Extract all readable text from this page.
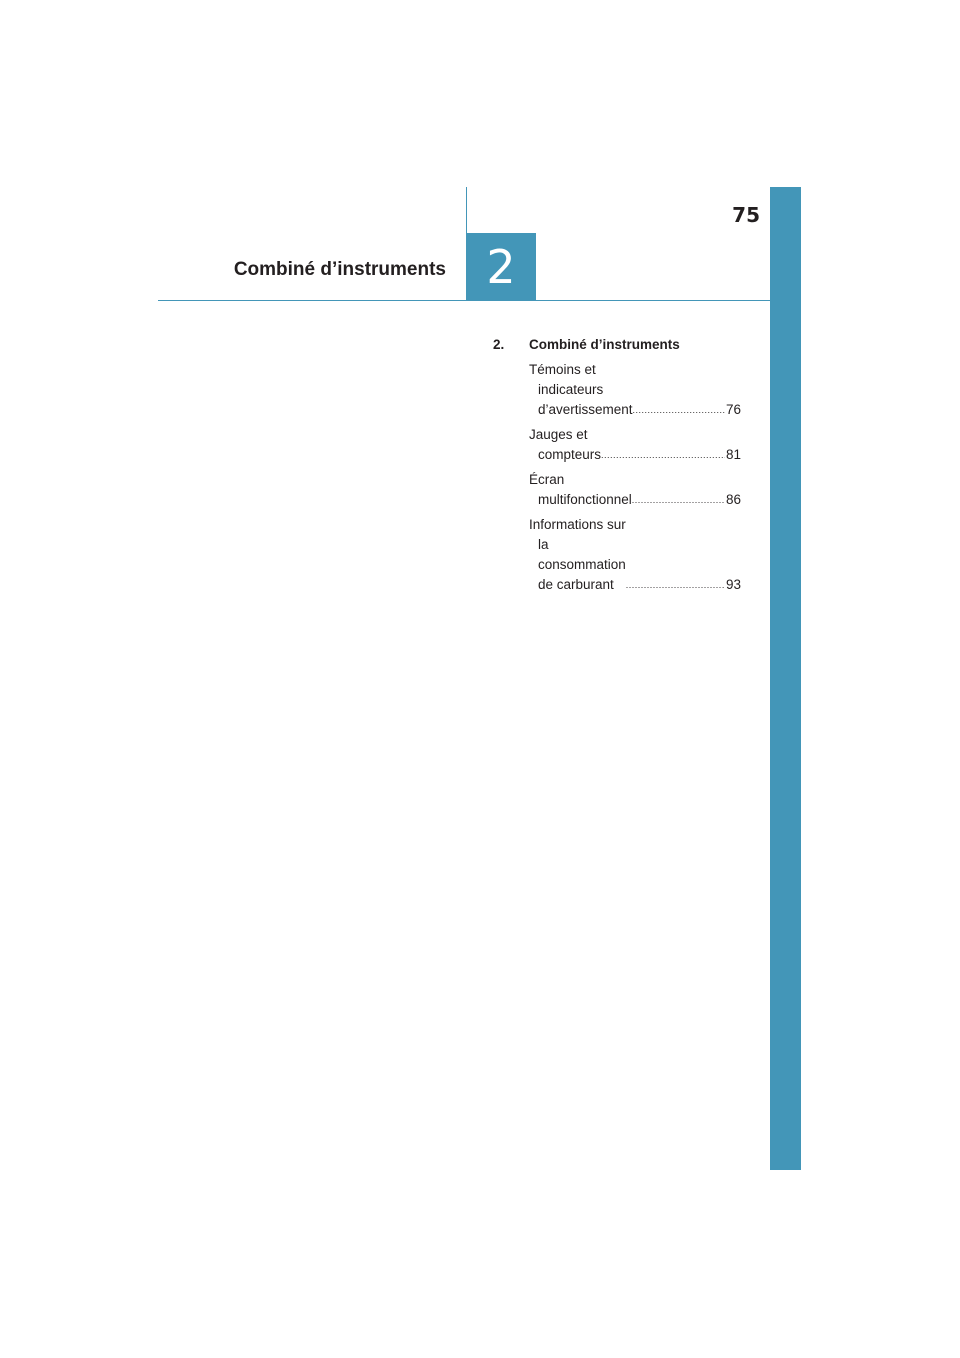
75
2
Combiné d’instruments
2.	Combiné d’instruments
Témoins et indicateurs d’avertissement .....	76
Jauges et compteurs .....	81
Écran multifonctionnel .....	86
Informations sur la consommation de carburant .....	93
